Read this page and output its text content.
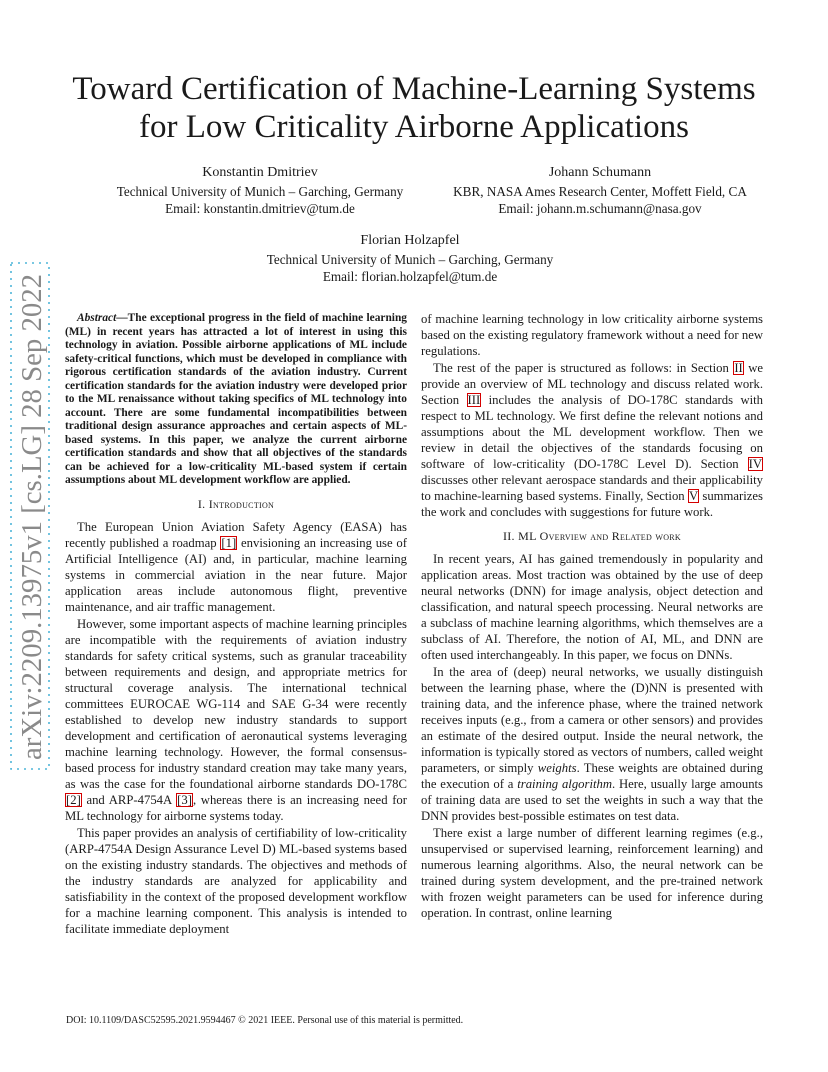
arXiv:2209.13975v1 [cs.LG] 28 Sep 2022
Toward Certification of Machine-Learning Systems
for Low Criticality Airborne Applications
Konstantin Dmitriev
Technical University of Munich – Garching, Germany
Email: konstantin.dmitriev@tum.de
Johann Schumann
KBR, NASA Ames Research Center, Moffett Field, CA
Email: johann.m.schumann@nasa.gov
Florian Holzapfel
Technical University of Munich – Garching, Germany
Email: florian.holzapfel@tum.de

Abstract—The exceptional progress in the field of machine learning (ML) in recent years has attracted a lot of interest in using this technology in aviation. Possible airborne applications of ML include safety-critical functions, which must be developed in compliance with rigorous certification standards of the aviation industry. Current certification standards for the aviation industry were developed prior to the ML renaissance without taking specifics of ML technology into account. There are some fundamental incompatibilities between traditional design assurance approaches and certain aspects of ML-based systems. In this paper, we analyze the current airborne certification standards and show that all objectives of the standards can be achieved for a low-criticality ML-based system if certain assumptions about ML development workflow are applied.

I. Introduction

The European Union Aviation Safety Agency (EASA) has recently published a roadmap [1] envisioning an increasing use of Artificial Intelligence (AI) and, in particular, machine learning systems in commercial aviation in the near future. Major application areas include autonomous flight, preventive maintenance, and air traffic management.

However, some important aspects of machine learning principles are incompatible with the requirements of aviation industry standards for safety critical systems, such as granular traceability between requirements and design, and appropriate metrics for structural coverage analysis. The international technical committees EUROCAE WG-114 and SAE G-34 were recently established to develop new industry standards to support development and certification of aeronautical systems leveraging machine learning technology. However, the formal consensus-based process for industry standard creation may take many years, as was the case for the foundational airborne standards DO-178C [2] and ARP-4754A [3], whereas there is an increasing need for ML technology for airborne systems today.

This paper provides an analysis of certifiability of low-criticality (ARP-4754A Design Assurance Level D) ML-based systems based on the existing industry standards. The objectives and methods of the industry standards are analyzed for applicability and satisfiability in the context of the proposed development workflow for a machine learning component. This analysis is intended to facilitate immediate deployment

of machine learning technology in low criticality airborne systems based on the existing regulatory framework without a need for new regulations.

The rest of the paper is structured as follows: in Section II we provide an overview of ML technology and discuss related work. Section III includes the analysis of DO-178C standards with respect to ML technology. We first define the relevant notions and assumptions about the ML development workflow. Then we review in detail the objectives of the standards focusing on software of low-criticality (DO-178C Level D). Section IV discusses other relevant aerospace standards and their applicability to machine-learning based systems. Finally, Section V summarizes the work and concludes with suggestions for future work.

II. ML Overview and Related work

In recent years, AI has gained tremendously in popularity and application areas. Most traction was obtained by the use of deep neural networks (DNN) for image analysis, object detection and classification, and natural speech processing. Neural networks are a subclass of machine learning algorithms, which themselves are a subclass of AI. Therefore, the notion of AI, ML, and DNN are often used interchangeably. In this paper, we focus on DNNs.

In the area of (deep) neural networks, we usually distinguish between the learning phase, where the (D)NN is presented with training data, and the inference phase, where the trained network receives inputs (e.g., from a camera or other sensors) and provides an estimate of the desired output. Inside the neural network, the information is typically stored as vectors of numbers, called weight parameters, or simply weights. These weights are obtained during the execution of a training algorithm. Here, usually large amounts of training data are used to set the weights in such a way that the DNN provides best-possible estimates on test data.

There exist a large number of different learning regimes (e.g., unsupervised or supervised learning, reinforcement learning) and numerous learning algorithms. Also, the neural network can be trained during system development, and the pre-trained network with frozen weight parameters can be used for inference during operation. In contrast, online learning

DOI: 10.1109/DASC52595.2021.9594467 © 2021 IEEE. Personal use of this material is permitted.
